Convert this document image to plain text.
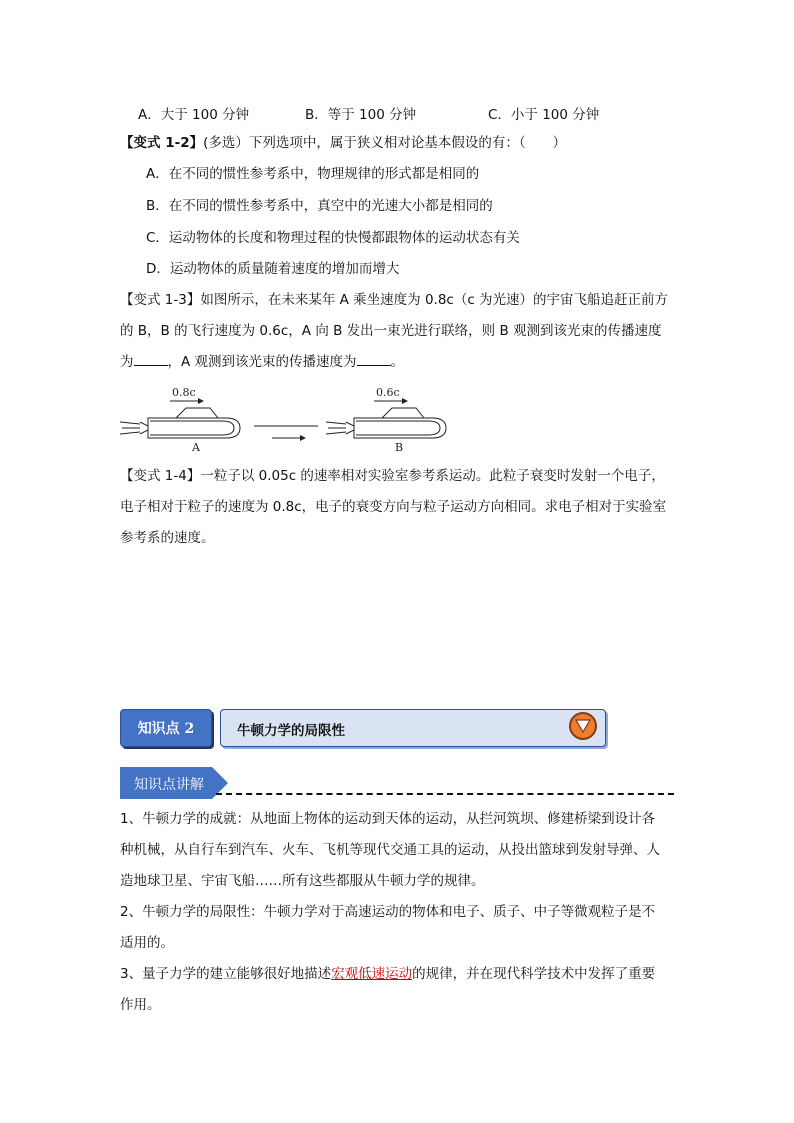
A．大于 100 分钟	B．等于 100 分钟	C．小于 100 分钟
【变式 1-2】(多选）下列选项中，属于狭义相对论基本假设的有：（　　）
A．在不同的惯性参考系中，物理规律的形式都是相同的
B．在不同的惯性参考系中，真空中的光速大小都是相同的
C．运动物体的长度和物理过程的快慢都跟物体的运动状态有关
D．运动物体的质量随着速度的增加而增大
【变式 1-3】如图所示，在未来某年 A 乘坐速度为 0.8c（c 为光速）的宇宙飞船追赶正前方
的 B，B 的飞行速度为 0.6c，A 向 B 发出一束光进行联络，则 B 观测到该光束的传播速度
为	，A 观测到该光束的传播速度为	。
0.8c
A
0.6c
B
【变式 1-4】一粒子以 0.05c 的速率相对实验室参考系运动。此粒子衰变时发射一个电子，
电子相对于粒子的速度为 0.8c，电子的衰变方向与粒子运动方向相同。求电子相对于实验室
参考系的速度。
知识点 2	牛顿力学的局限性
知识点讲解
1、牛顿力学的成就：从地面上物体的运动到天体的运动，从拦河筑坝、修建桥梁到设计各
种机械，从自行车到汽车、火车、飞机等现代交通工具的运动，从投出篮球到发射导弹、人
造地球卫星、宇宙飞船……所有这些都服从牛顿力学的规律。
2、牛顿力学的局限性：牛顿力学对于高速运动的物体和电子、质子、中子等微观粒子是不
适用的。
3、量子力学的建立能够很好地描述宏观低速运动的规律，并在现代科学技术中发挥了重要
作用。
